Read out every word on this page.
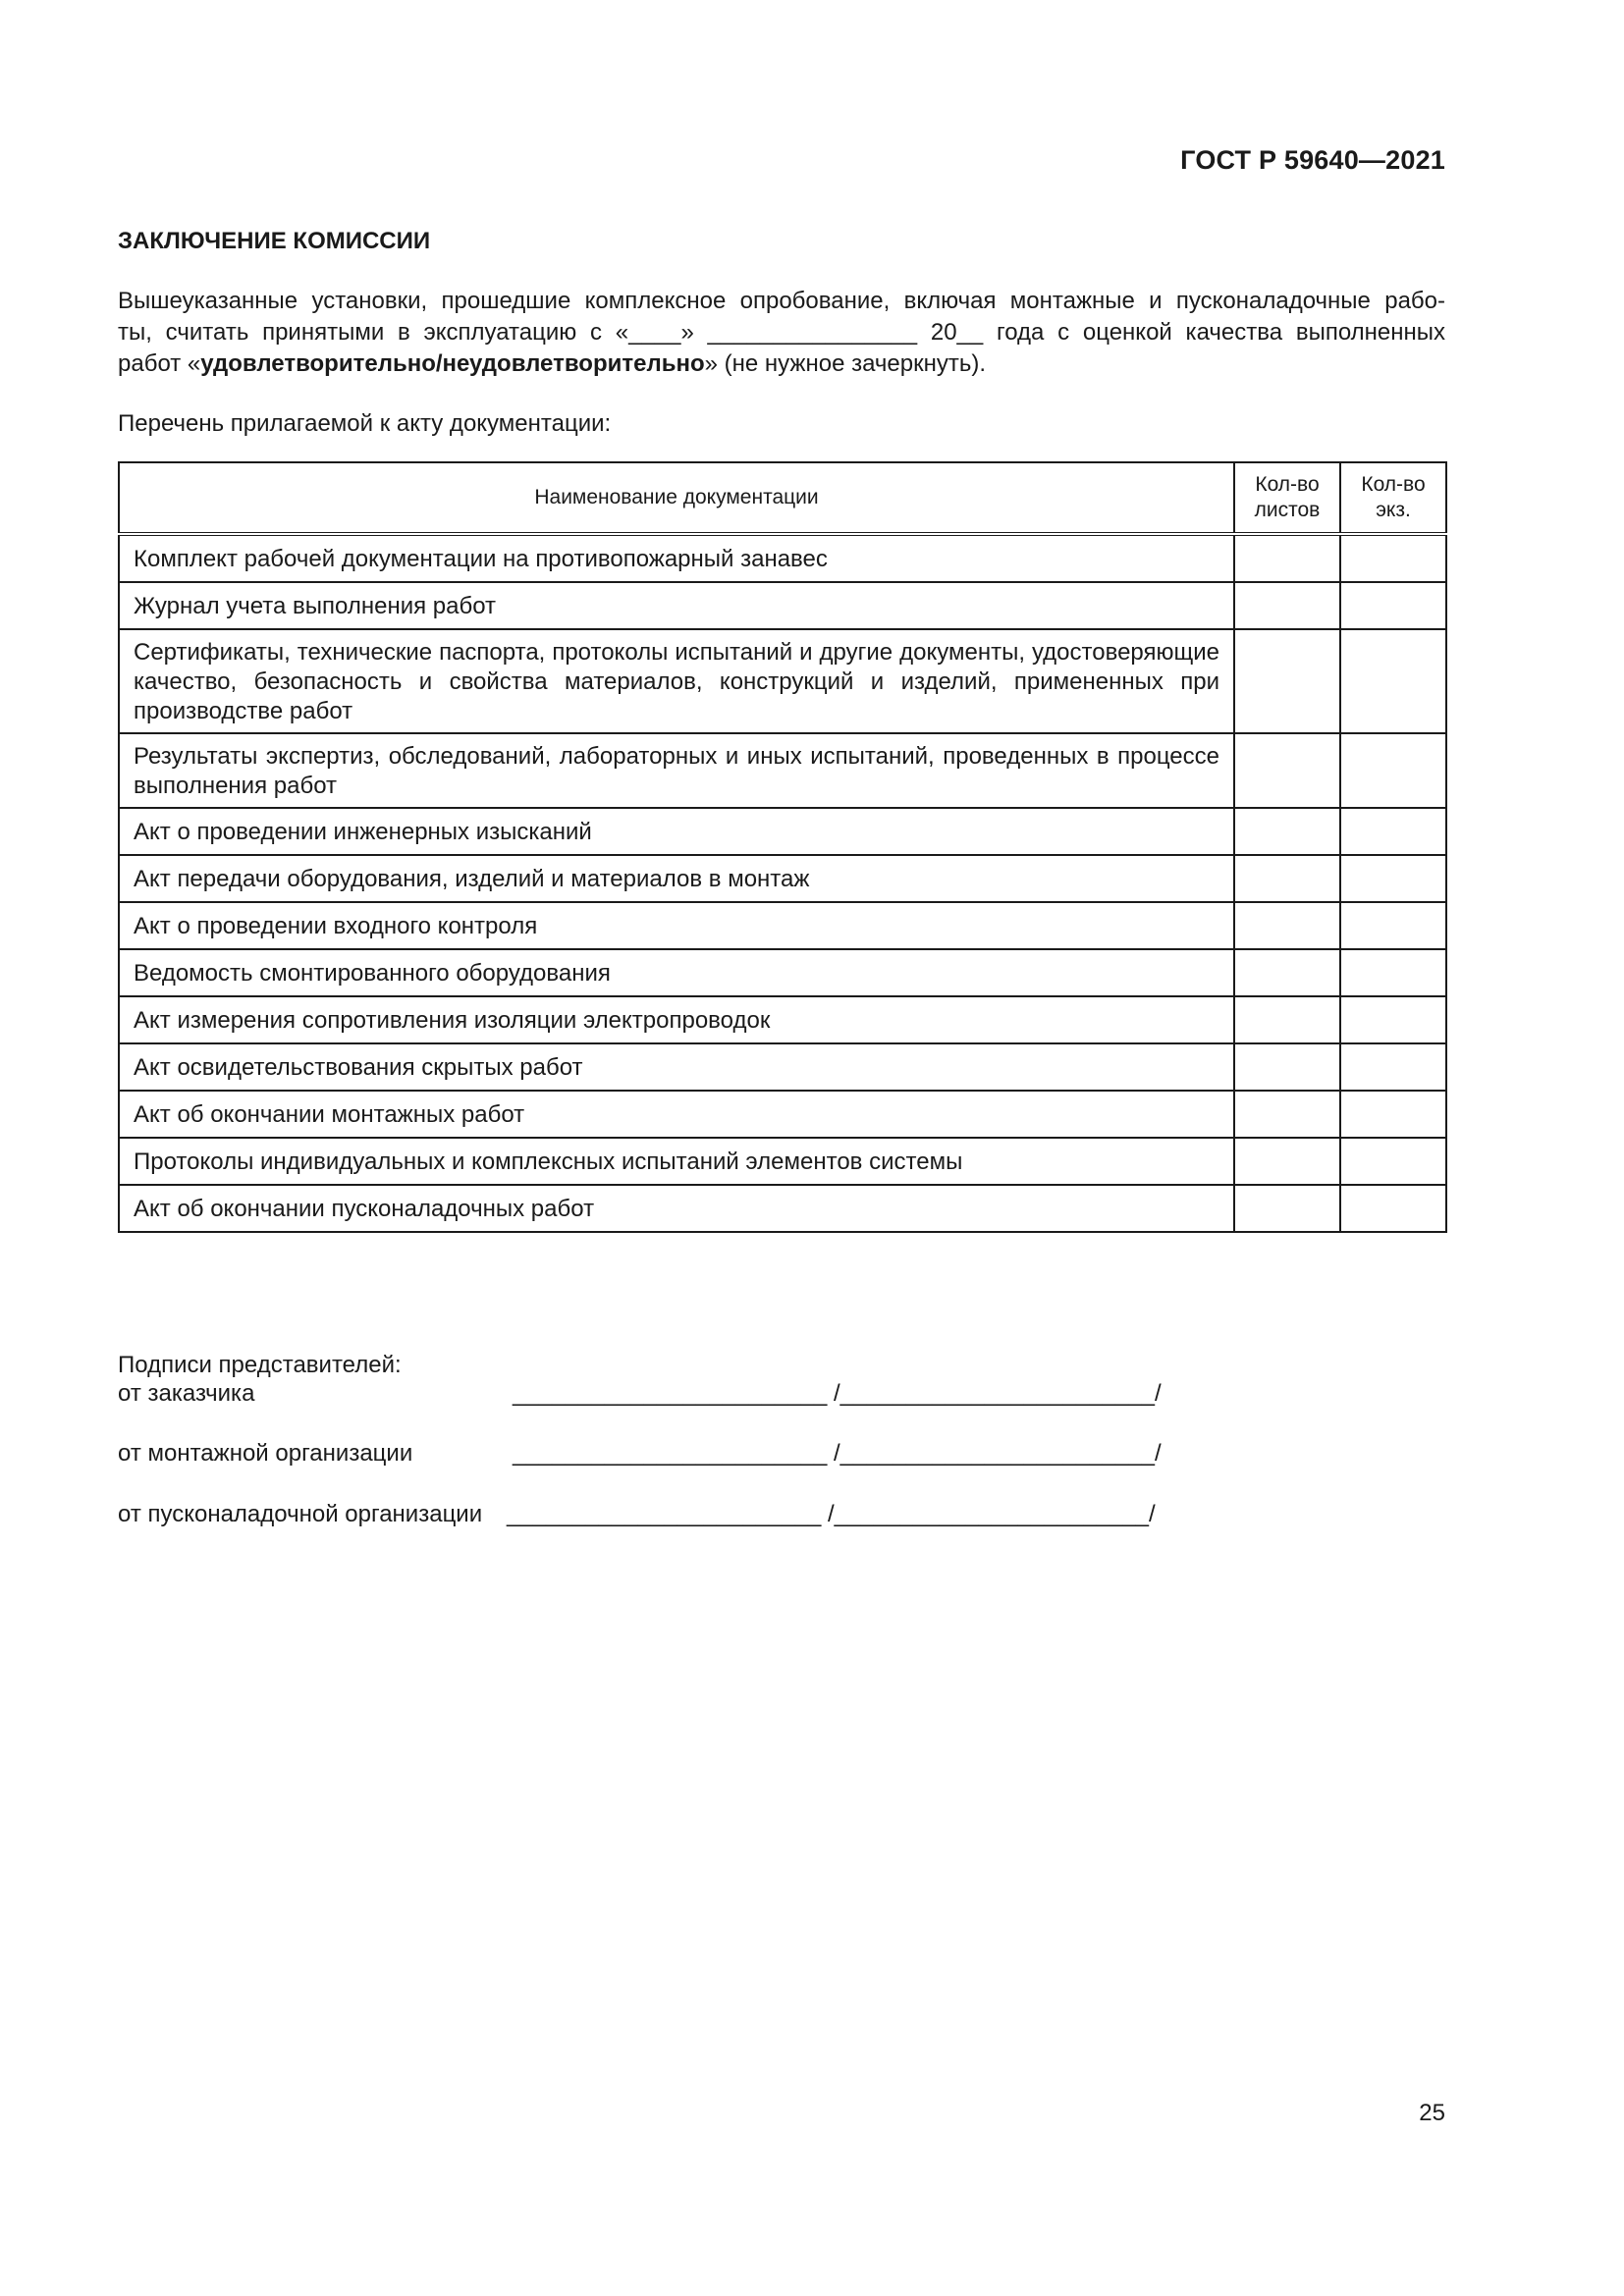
ГОСТ Р 59640—2021
ЗАКЛЮЧЕНИЕ КОМИССИИ

Вышеуказанные установки, прошедшие комплексное опробование, включая монтажные и пусконаладочные рабо-

ты, считать принятыми в эксплуатацию с «____» ________________ 20__ года с оценкой качества выполненных

работ «удовлетворительно/неудовлетворительно» (не нужное зачеркнуть).

Перечень прилагаемой к акту документации:
Наименование документации	Кол-во листов	Кол-во экз.
Комплект рабочей документации на противопожарный занавес		
Журнал учета выполнения работ		
Сертификаты, технические паспорта, протоколы испытаний и другие документы, удостоверяющие качество, безопасность и свойства материалов, конструкций и изделий, примененных при производстве работ		
Результаты экспертиз, обследований, лабораторных и иных испытаний, проведенных в процессе выполнения работ		
Акт о проведении инженерных изысканий		
Акт передачи оборудования, изделий и материалов в монтаж		
Акт о проведении входного контроля		
Ведомость смонтированного оборудования		
Акт измерения сопротивления изоляции электропроводок		
Акт освидетельствования скрытых работ		
Акт об окончании монтажных работ		
Протоколы индивидуальных и комплексных испытаний элементов системы		
Акт об окончании пусконаладочных работ		
Подписи представителей:
от заказчика	________________________ /________________________/
от монтажной организации	________________________ /________________________/
от пусконаладочной организации ________________________ /________________________/
25
